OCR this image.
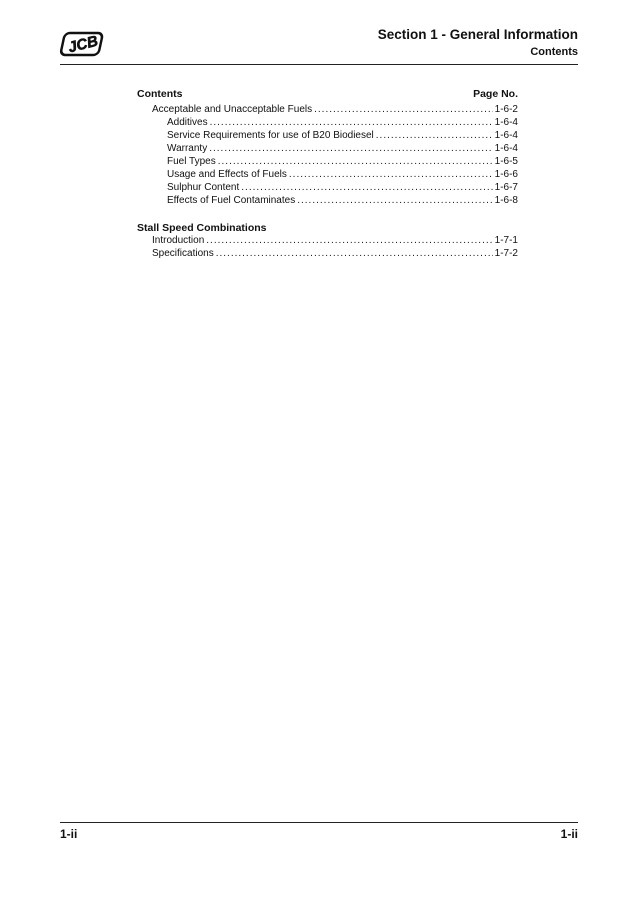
JCB	Section 1 - General Information
Contents
Contents	Page No.
Acceptable and Unacceptable Fuels .....	1-6-2
Additives .....	1-6-4
Service Requirements for use of B20 Biodiesel .....	1-6-4
Warranty .....	1-6-4
Fuel Types .....	1-6-5
Usage and Effects of Fuels .....	1-6-6
Sulphur Content .....	1-6-7
Effects of Fuel Contaminates .....	1-6-8
Stall Speed Combinations
Introduction .....	1-7-1
Specifications .....	1-7-2
1-ii	1-ii
